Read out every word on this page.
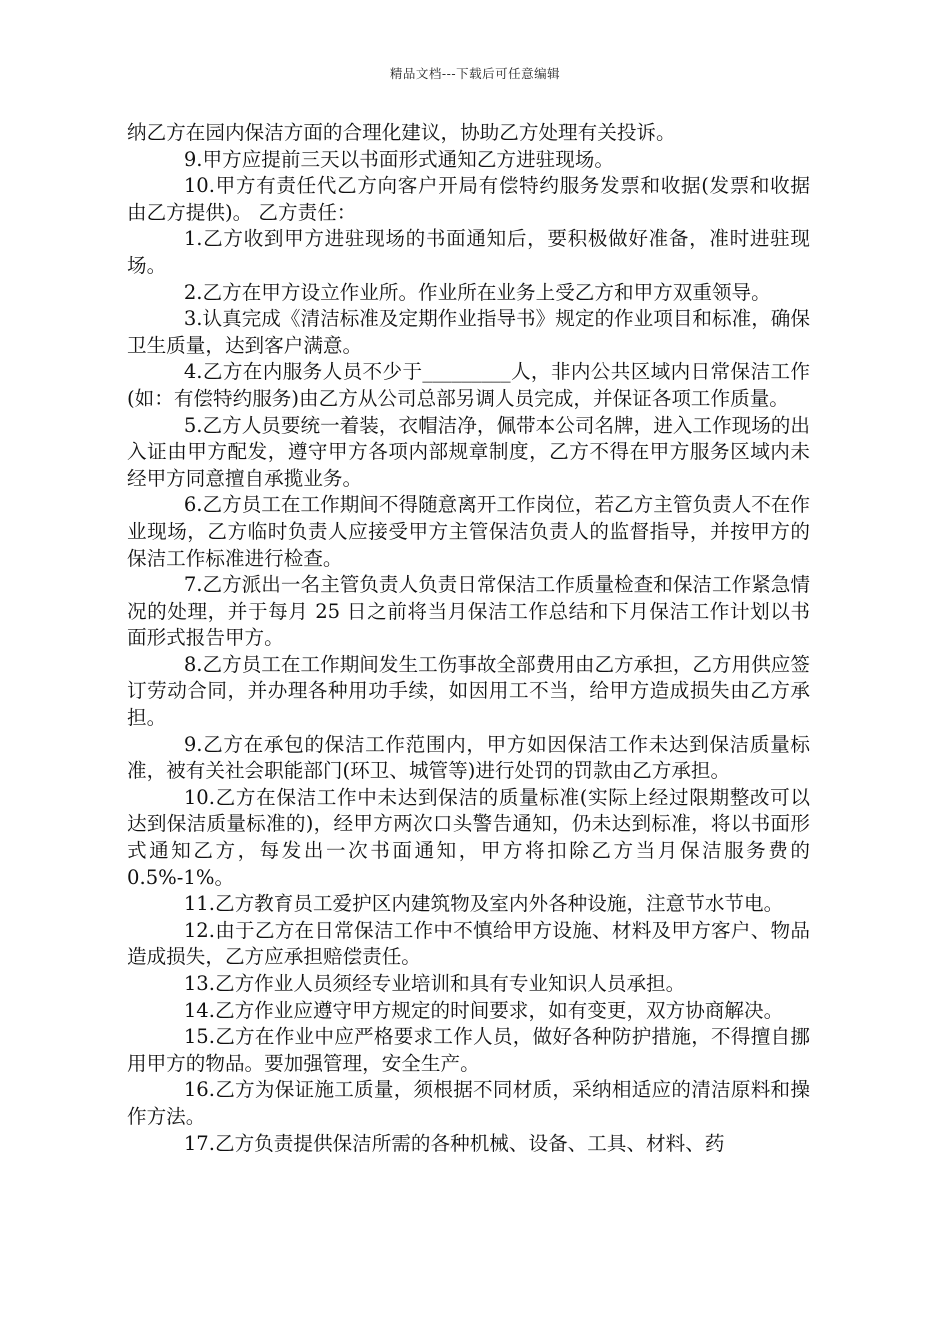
精品文档---下载后可任意编辑

纳乙方在园内保洁方面的合理化建议，协助乙方处理有关投诉。

9.甲方应提前三天以书面形式通知乙方进驻现场。

10.甲方有责任代乙方向客户开局有偿特约服务发票和收据(发票和收据由乙方提供)。 乙方责任：

1.乙方收到甲方进驻现场的书面通知后，要积极做好准备，准时进驻现场。

2.乙方在甲方设立作业所。作业所在业务上受乙方和甲方双重领导。

3.认真完成《清洁标准及定期作业指导书》规定的作业项目和标准，确保卫生质量，达到客户满意。

4.乙方在内服务人员不少于_________人，非内公共区域内日常保洁工作(如：有偿特约服务)由乙方从公司总部另调人员完成，并保证各项工作质量。

5.乙方人员要统一着装，衣帽洁净，佩带本公司名牌，进入工作现场的出入证由甲方配发，遵守甲方各项内部规章制度，乙方不得在甲方服务区域内未经甲方同意擅自承揽业务。

6.乙方员工在工作期间不得随意离开工作岗位，若乙方主管负责人不在作业现场，乙方临时负责人应接受甲方主管保洁负责人的监督指导，并按甲方的保洁工作标准进行检查。

7.乙方派出一名主管负责人负责日常保洁工作质量检查和保洁工作紧急情况的处理，并于每月 25 日之前将当月保洁工作总结和下月保洁工作计划以书面形式报告甲方。

8.乙方员工在工作期间发生工伤事故全部费用由乙方承担，乙方用供应签订劳动合同，并办理各种用功手续，如因用工不当，给甲方造成损失由乙方承担。

9.乙方在承包的保洁工作范围内，甲方如因保洁工作未达到保洁质量标准，被有关社会职能部门(环卫、城管等)进行处罚的罚款由乙方承担。

10.乙方在保洁工作中未达到保洁的质量标准(实际上经过限期整改可以达到保洁质量标准的)，经甲方两次口头警告通知，仍未达到标准，将以书面形式通知乙方，每发出一次书面通知，甲方将扣除乙方当月保洁服务费的 0.5%-1%。

11.乙方教育员工爱护区内建筑物及室内外各种设施，注意节水节电。

12.由于乙方在日常保洁工作中不慎给甲方设施、材料及甲方客户、物品造成损失，乙方应承担赔偿责任。

13.乙方作业人员须经专业培训和具有专业知识人员承担。

14.乙方作业应遵守甲方规定的时间要求，如有变更，双方协商解决。

15.乙方在作业中应严格要求工作人员，做好各种防护措施，不得擅自挪用甲方的物品。要加强管理，安全生产。

16.乙方为保证施工质量，须根据不同材质，采纳相适应的清洁原料和操作方法。

17.乙方负责提供保洁所需的各种机械、设备、工具、材料、药
